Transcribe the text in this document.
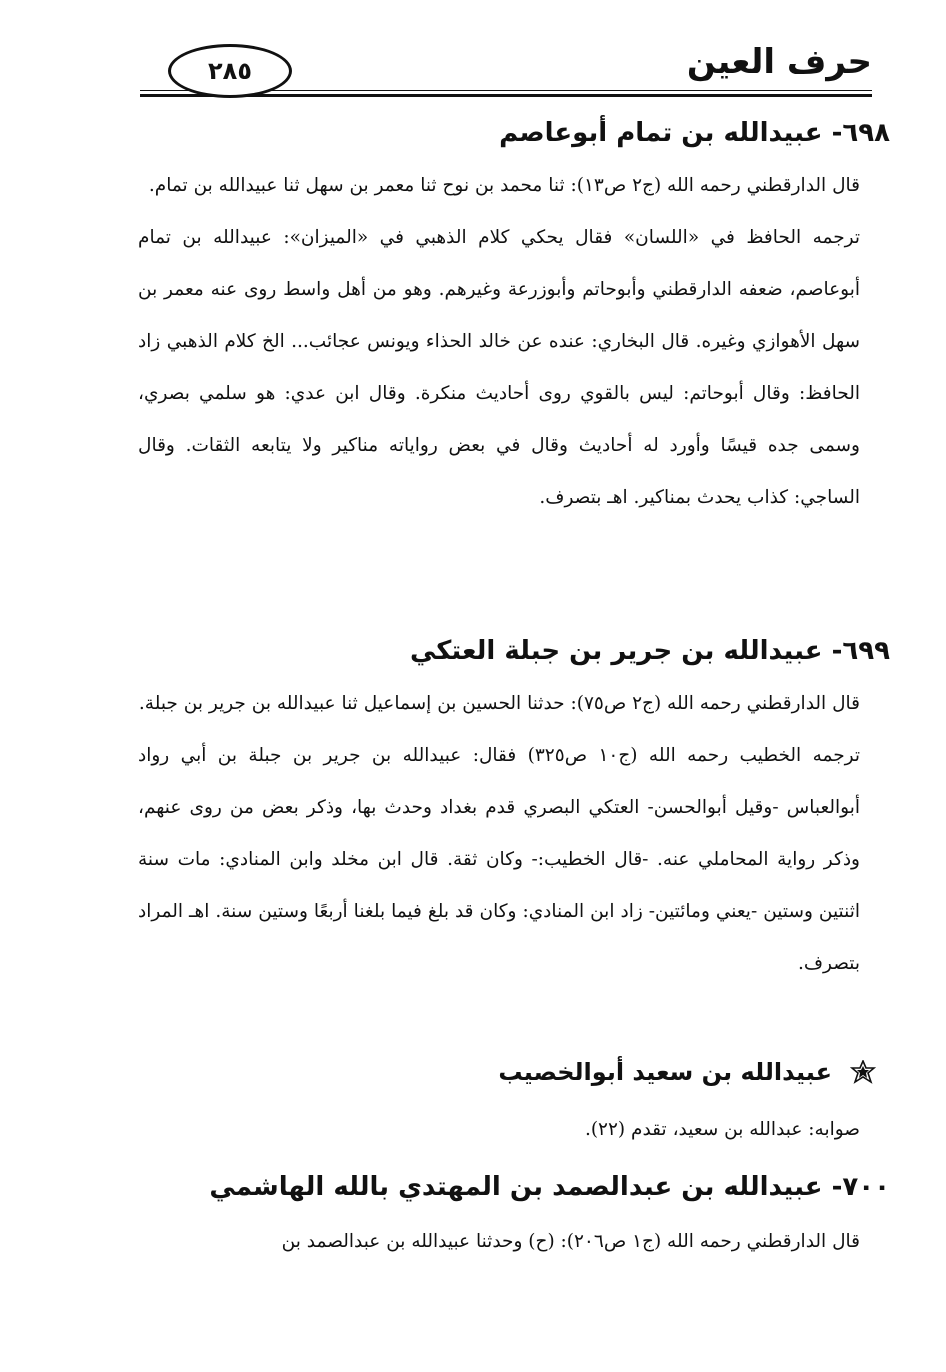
حرف العين
٢٨٥
٦٩٨- عبيدالله بن تمام أبوعاصم

قال الدارقطني رحمه الله (ج٢ ص١٣): ثنا محمد بن نوح ثنا معمر بن سهل ثنا عبيدالله بن تمام.

ترجمه الحافظ في «اللسان» فقال يحكي كلام الذهبي في «الميزان»: عبيدالله بن تمام أبوعاصم، ضعفه الدارقطني وأبوحاتم وأبوزرعة وغيرهم. وهو من أهل واسط روى عنه معمر بن سهل الأهوازي وغيره. قال البخاري: عنده عن خالد الحذاء ويونس عجائب... الخ كلام الذهبي زاد الحافظ: وقال أبوحاتم: ليس بالقوي روى أحاديث منكرة. وقال ابن عدي: هو سلمي بصري، وسمى جده قيسًا وأورد له أحاديث وقال في بعض رواياته مناكير ولا يتابعه الثقات. وقال الساجي: كذاب يحدث بمناكير. اهـ بتصرف.

٦٩٩- عبيدالله بن جرير بن جبلة العتكي

قال الدارقطني رحمه الله (ج٢ ص٧٥): حدثنا الحسين بن إسماعيل ثنا عبيدالله بن جرير بن جبلة.

ترجمه الخطيب رحمه الله (ج١٠ ص٣٢٥) فقال: عبيدالله بن جرير بن جبلة بن أبي رواد أبوالعباس -وقيل أبوالحسن- العتكي البصري قدم بغداد وحدث بها، وذكر بعض من روى عنهم، وذكر رواية المحاملي عنه. -قال الخطيب:- وكان ثقة. قال ابن مخلد وابن المنادي: مات سنة اثنتين وستين -يعني ومائتين- زاد ابن المنادي: وكان قد بلغ فيما بلغنا أربعًا وستين سنة. اهـ المراد بتصرف.

عبيدالله بن سعيد أبوالخصيب

صوابه: عبدالله بن سعيد، تقدم (٢٢).

٧٠٠- عبيدالله بن عبدالصمد بن المهتدي بالله الهاشمي

قال الدارقطني رحمه الله (ج١ ص٢٠٦): (ح) وحدثنا عبيدالله بن عبدالصمد بن
